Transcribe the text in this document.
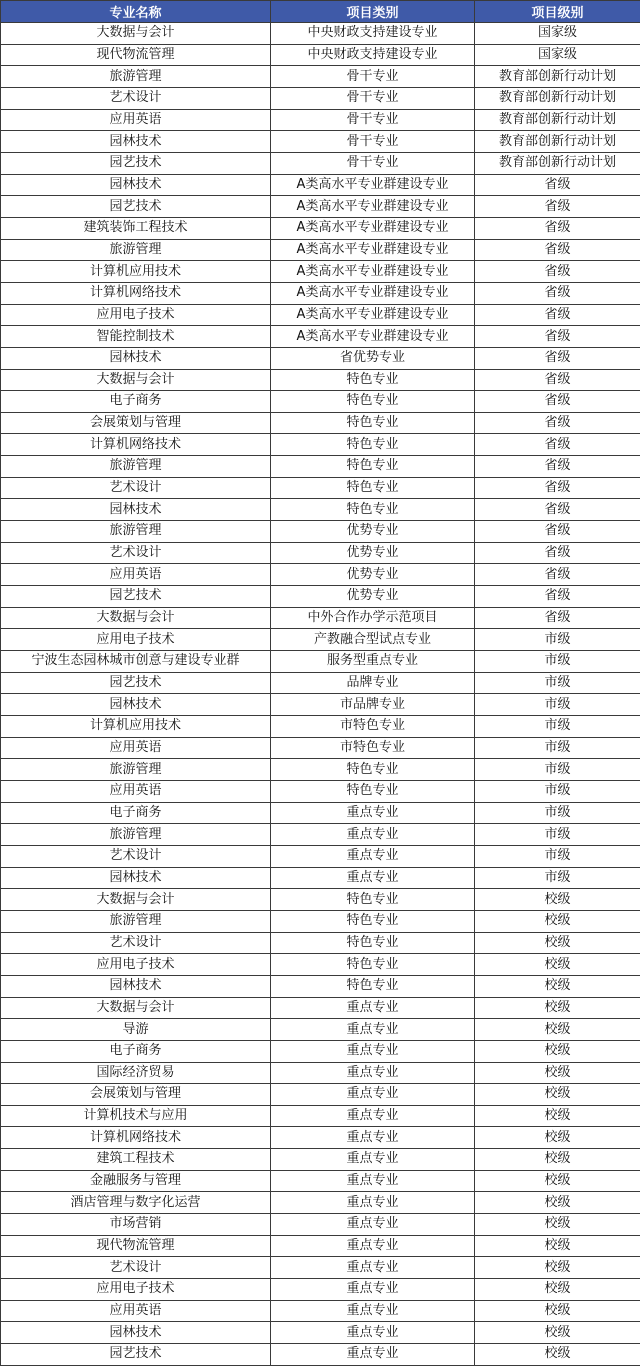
专业名称	项目类别	项目级别
大数据与会计	中央财政支持建设专业	国家级
现代物流管理	中央财政支持建设专业	国家级
旅游管理	骨干专业	教育部创新行动计划
艺术设计	骨干专业	教育部创新行动计划
应用英语	骨干专业	教育部创新行动计划
园林技术	骨干专业	教育部创新行动计划
园艺技术	骨干专业	教育部创新行动计划
园林技术	A类高水平专业群建设专业	省级
园艺技术	A类高水平专业群建设专业	省级
建筑装饰工程技术	A类高水平专业群建设专业	省级
旅游管理	A类高水平专业群建设专业	省级
计算机应用技术	A类高水平专业群建设专业	省级
计算机网络技术	A类高水平专业群建设专业	省级
应用电子技术	A类高水平专业群建设专业	省级
智能控制技术	A类高水平专业群建设专业	省级
园林技术	省优势专业	省级
大数据与会计	特色专业	省级
电子商务	特色专业	省级
会展策划与管理	特色专业	省级
计算机网络技术	特色专业	省级
旅游管理	特色专业	省级
艺术设计	特色专业	省级
园林技术	特色专业	省级
旅游管理	优势专业	省级
艺术设计	优势专业	省级
应用英语	优势专业	省级
园艺技术	优势专业	省级
大数据与会计	中外合作办学示范项目	省级
应用电子技术	产教融合型试点专业	市级
宁波生态园林城市创意与建设专业群	服务型重点专业	市级
园艺技术	品牌专业	市级
园林技术	市品牌专业	市级
计算机应用技术	市特色专业	市级
应用英语	市特色专业	市级
旅游管理	特色专业	市级
应用英语	特色专业	市级
电子商务	重点专业	市级
旅游管理	重点专业	市级
艺术设计	重点专业	市级
园林技术	重点专业	市级
大数据与会计	特色专业	校级
旅游管理	特色专业	校级
艺术设计	特色专业	校级
应用电子技术	特色专业	校级
园林技术	特色专业	校级
大数据与会计	重点专业	校级
导游	重点专业	校级
电子商务	重点专业	校级
国际经济贸易	重点专业	校级
会展策划与管理	重点专业	校级
计算机技术与应用	重点专业	校级
计算机网络技术	重点专业	校级
建筑工程技术	重点专业	校级
金融服务与管理	重点专业	校级
酒店管理与数字化运营	重点专业	校级
市场营销	重点专业	校级
现代物流管理	重点专业	校级
艺术设计	重点专业	校级
应用电子技术	重点专业	校级
应用英语	重点专业	校级
园林技术	重点专业	校级
园艺技术	重点专业	校级
